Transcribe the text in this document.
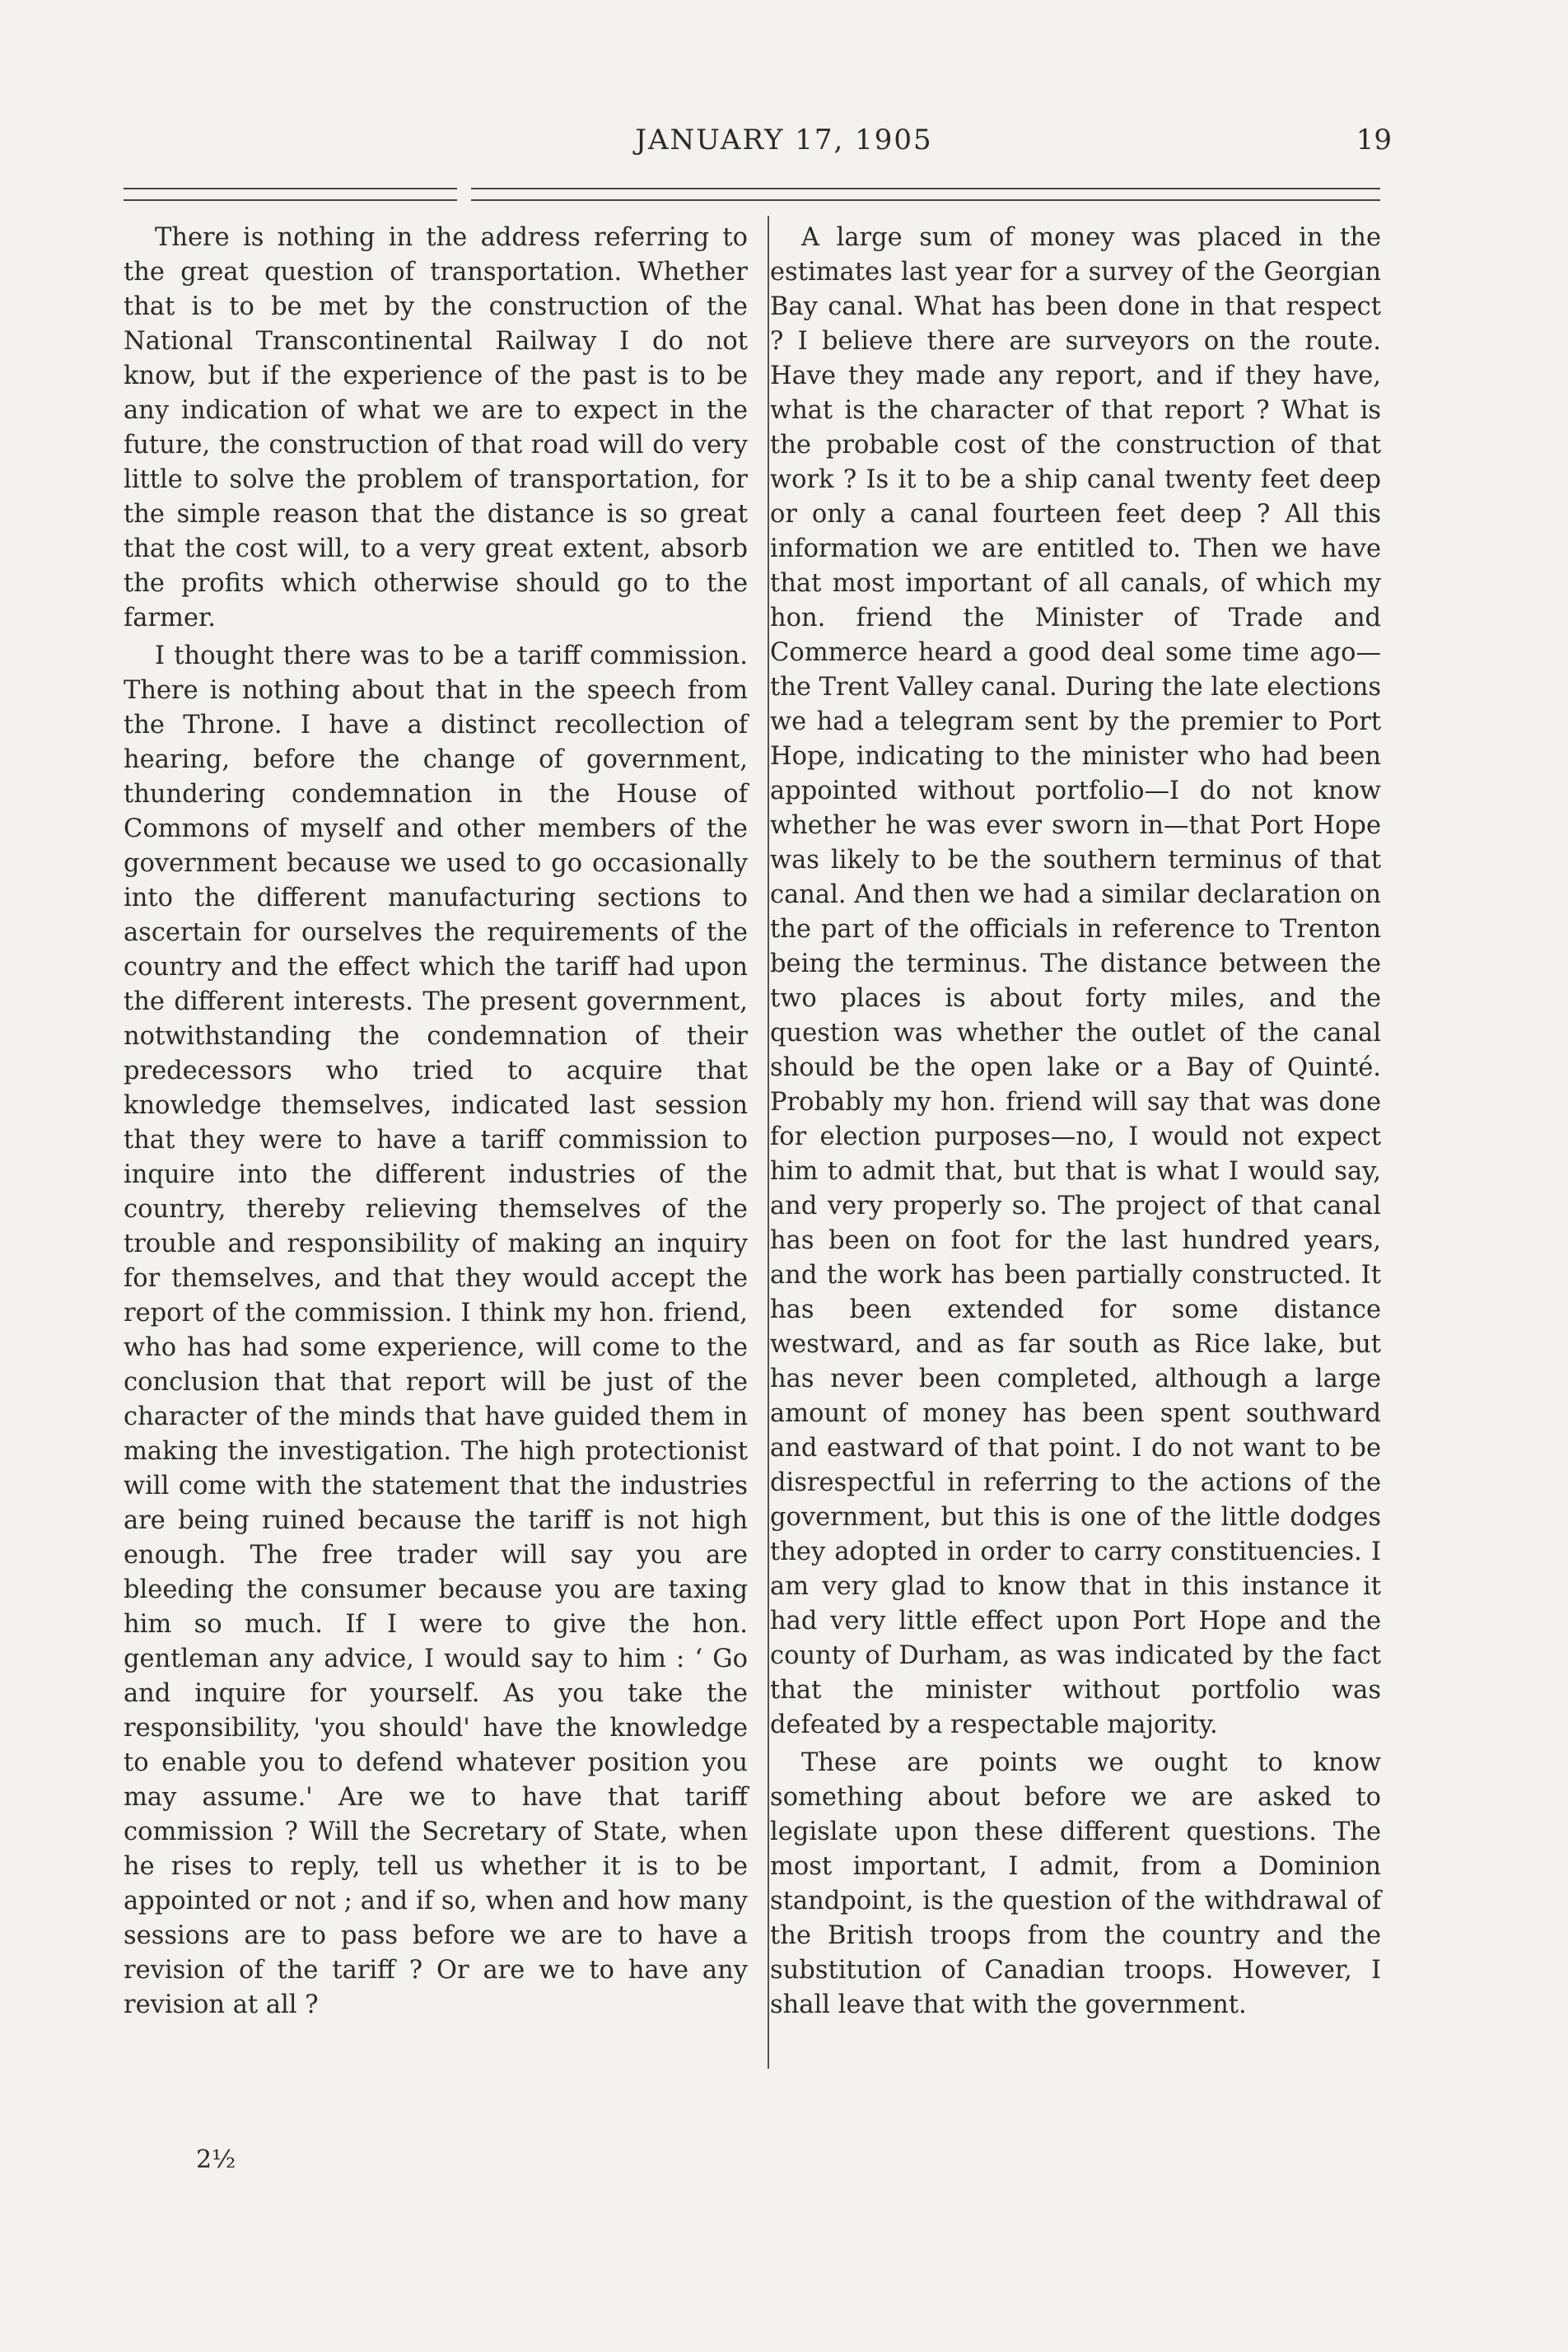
JANUARY 17, 1905	19

There is nothing in the address referring to the great question of transportation. Whether that is to be met by the construction of the National Transcontinental Railway I do not know, but if the experience of the past is to be any indication of what we are to expect in the future, the construction of that road will do very little to solve the problem of transportation, for the simple reason that the distance is so great that the cost will, to a very great extent, absorb the profits which otherwise should go to the farmer.

I thought there was to be a tariff commission. There is nothing about that in the speech from the Throne. I have a distinct recollection of hearing, before the change of government, thundering condemnation in the House of Commons of myself and other members of the government because we used to go occasionally into the different manufacturing sections to ascertain for ourselves the requirements of the country and the effect which the tariff had upon the different interests. The present government, notwithstanding the condemnation of their predecessors who tried to acquire that knowledge themselves, indicated last session that they were to have a tariff commission to inquire into the different industries of the country, thereby relieving themselves of the trouble and responsibility of making an inquiry for themselves, and that they would accept the report of the commission. I think my hon. friend, who has had some experience, will come to the conclusion that that report will be just of the character of the minds that have guided them in making the investigation. The high protectionist will come with the statement that the industries are being ruined because the tariff is not high enough. The free trader will say you are bleeding the consumer because you are taxing him so much. If I were to give the hon. gentleman any advice, I would say to him : ‘ Go and inquire for yourself. As you take the responsibility, 'you should' have the knowledge to enable you to defend whatever position you may assume.' Are we to have that tariff commission ? Will the Secretary of State, when he rises to reply, tell us whether it is to be appointed or not ; and if so, when and how many sessions are to pass before we are to have a revision of the tariff ? Or are we to have any revision at all ?

A large sum of money was placed in the estimates last year for a survey of the Georgian Bay canal. What has been done in that respect ? I believe there are surveyors on the route. Have they made any report, and if they have, what is the character of that report ? What is the probable cost of the construction of that work ? Is it to be a ship canal twenty feet deep or only a canal fourteen feet deep ? All this information we are entitled to. Then we have that most important of all canals, of which my hon. friend the Minister of Trade and Commerce heard a good deal some time ago—the Trent Valley canal. During the late elections we had a telegram sent by the premier to Port Hope, indicating to the minister who had been appointed without portfolio—I do not know whether he was ever sworn in—that Port Hope was likely to be the southern terminus of that canal. And then we had a similar declaration on the part of the officials in reference to Trenton being the terminus. The distance between the two places is about forty miles, and the question was whether the outlet of the canal should be the open lake or a Bay of Quinté. Probably my hon. friend will say that was done for election purposes—no, I would not expect him to admit that, but that is what I would say, and very properly so. The project of that canal has been on foot for the last hundred years, and the work has been partially constructed. It has been extended for some distance westward, and as far south as Rice lake, but has never been completed, although a large amount of money has been spent southward and eastward of that point. I do not want to be disrespectful in referring to the actions of the government, but this is one of the little dodges they adopted in order to carry constituencies. I am very glad to know that in this instance it had very little effect upon Port Hope and the county of Durham, as was indicated by the fact that the minister without portfolio was defeated by a respectable majority.

These are points we ought to know something about before we are asked to legislate upon these different questions. The most important, I admit, from a Dominion standpoint, is the question of the withdrawal of the British troops from the country and the substitution of Canadian troops. However, I shall leave that with the government.

2½
